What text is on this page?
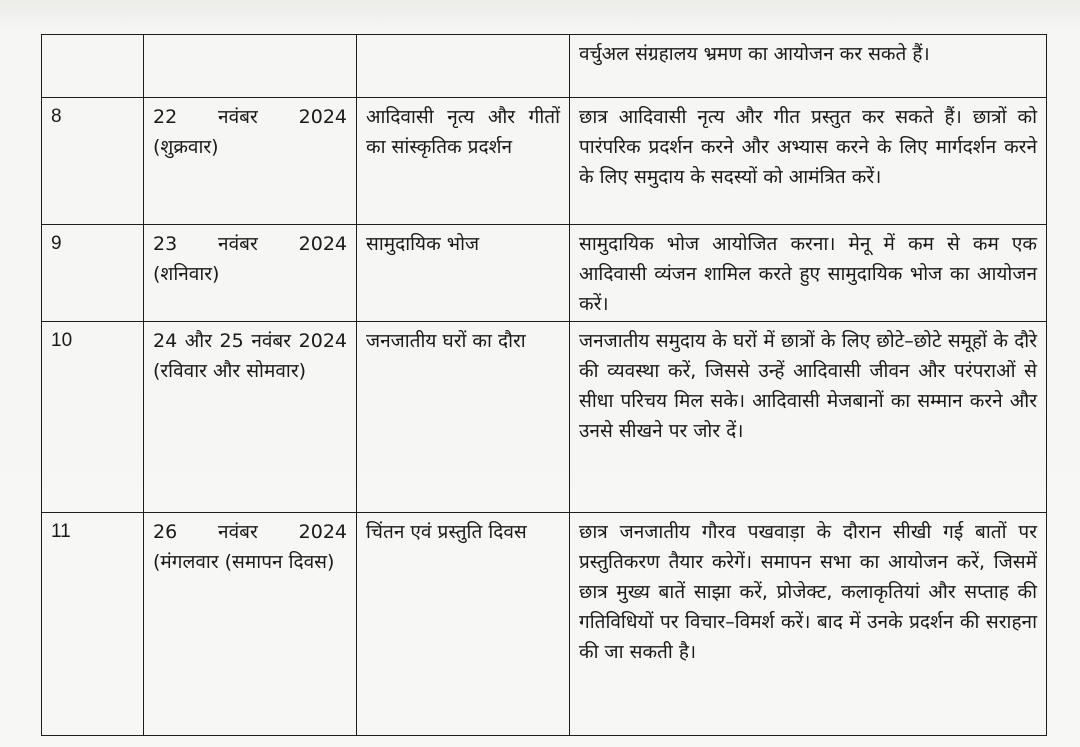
			वर्चुअल संग्रहालय भ्रमण का आयोजन कर सकते हैं।
8	22 नवंबर 2024 (शुक्रवार)	आदिवासी नृत्य और गीतों का सांस्कृतिक प्रदर्शन	छात्र आदिवासी नृत्य और गीत प्रस्तुत कर सकते हैं। छात्रों को पारंपरिक प्रदर्शन करने और अभ्यास करने के लिए मार्गदर्शन करने के लिए समुदाय के सदस्यों को आमंत्रित करें।
9	23 नवंबर 2024 (शनिवार)	सामुदायिक भोज	सामुदायिक भोज आयोजित करना। मेनू में कम से कम एक आदिवासी व्यंजन शामिल करते हुए सामुदायिक भोज का आयोजन करें।
10	24 और 25 नवंबर 2024 (रविवार और सोमवार)	जनजातीय घरों का दौरा	जनजातीय समुदाय के घरों में छात्रों के लिए छोटे–छोटे समूहों के दौरे की व्यवस्था करें, जिससे उन्हें आदिवासी जीवन और परंपराओं से सीधा परिचय मिल सके। आदिवासी मेजबानों का सम्मान करने और उनसे सीखने पर जोर दें।
11	26 नवंबर 2024 (मंगलवार (समापन दिवस)	चिंतन एवं प्रस्तुति दिवस	छात्र जनजातीय गौरव पखवाड़ा के दौरान सीखी गई बातों पर प्रस्तुतिकरण तैयार करेगें। समापन सभा का आयोजन करें, जिसमें छात्र मुख्य बातें साझा करें, प्रोजेक्ट, कलाकृतियां और सप्ताह की गतिविधियों पर विचार–विमर्श करें। बाद में उनके प्रदर्शन की सराहना की जा सकती है।
